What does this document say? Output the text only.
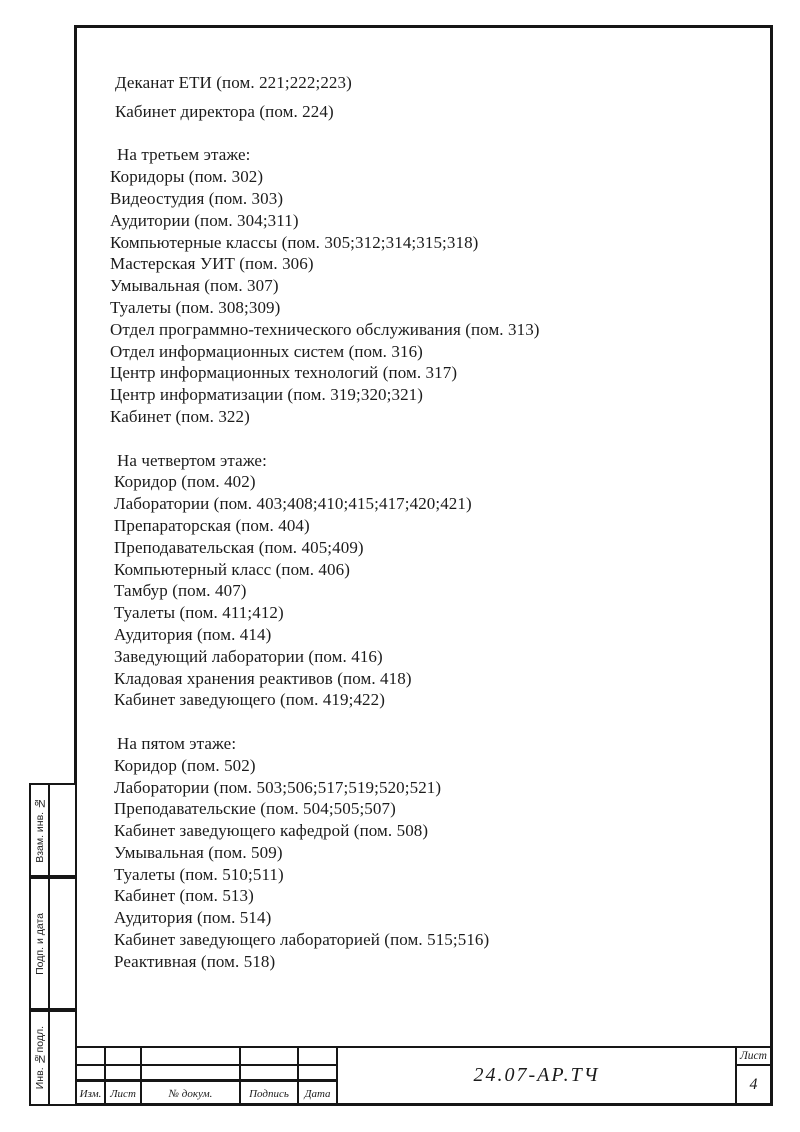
Деканат ЕТИ (пом. 221;222;223)
Кабинет директора (пом. 224)
На третьем этаже:
Коридоры (пом. 302)
Видеостудия (пом. 303)
Аудитории (пом. 304;311)
Компьютерные классы (пом. 305;312;314;315;318)
Мастерская УИТ (пом. 306)
Умывальная (пом. 307)
Туалеты (пом. 308;309)
Отдел программно-технического обслуживания (пом. 313)
Отдел информационных систем (пом. 316)
Центр информационных технологий (пом. 317)
Центр информатизации (пом. 319;320;321)
Кабинет (пом. 322)
На четвертом этаже:
Коридор (пом. 402)
Лаборатории (пом. 403;408;410;415;417;420;421)
Препараторская (пом. 404)
Преподавательская (пом. 405;409)
Компьютерный класс (пом. 406)
Тамбур (пом. 407)
Туалеты (пом. 411;412)
Аудитория (пом. 414)
Заведующий лаборатории (пом. 416)
Кладовая хранения реактивов (пом. 418)
Кабинет заведующего (пом. 419;422)
На пятом этаже:
Коридор (пом. 502)
Лаборатории (пом. 503;506;517;519;520;521)
Преподавательские (пом. 504;505;507)
Кабинет заведующего кафедрой (пом. 508)
Умывальная (пом. 509)
Туалеты (пом. 510;511)
Кабинет (пом. 513)
Аудитория (пом. 514)
Кабинет заведующего лабораторией (пом. 515;516)
Реактивная (пом. 518)
Взам. инв. №
Подп. и дата
Инв. №подл.
Изм. Лист	№ докум.	Подпись	Дата
24.07-АР.ТЧ
Лист
4
